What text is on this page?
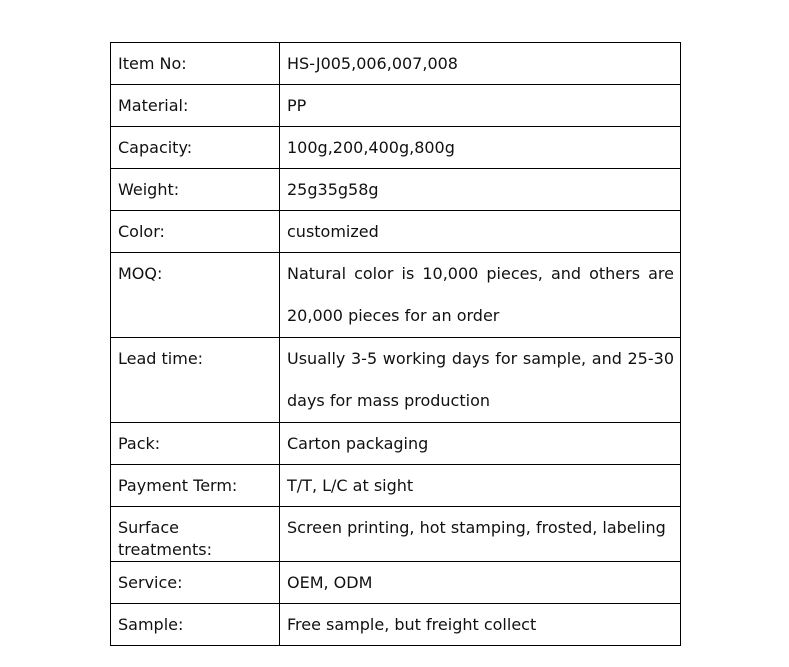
Item No:	HS-J005,006,007,008
Material:	PP
Capacity:	100g,200,400g,800g
Weight:	25g35g58g
Color:	customized
MOQ:	Natural color is 10,000 pieces, and others are 20,000 pieces for an order
Lead time:	Usually 3-5 working days for sample, and 25-30 days for mass production
Pack:	Carton packaging
Payment Term:	T/T, L/C at sight
Surface treatments:	Screen printing, hot stamping, frosted, labeling
Service:	OEM, ODM
Sample:	Free sample, but freight collect
